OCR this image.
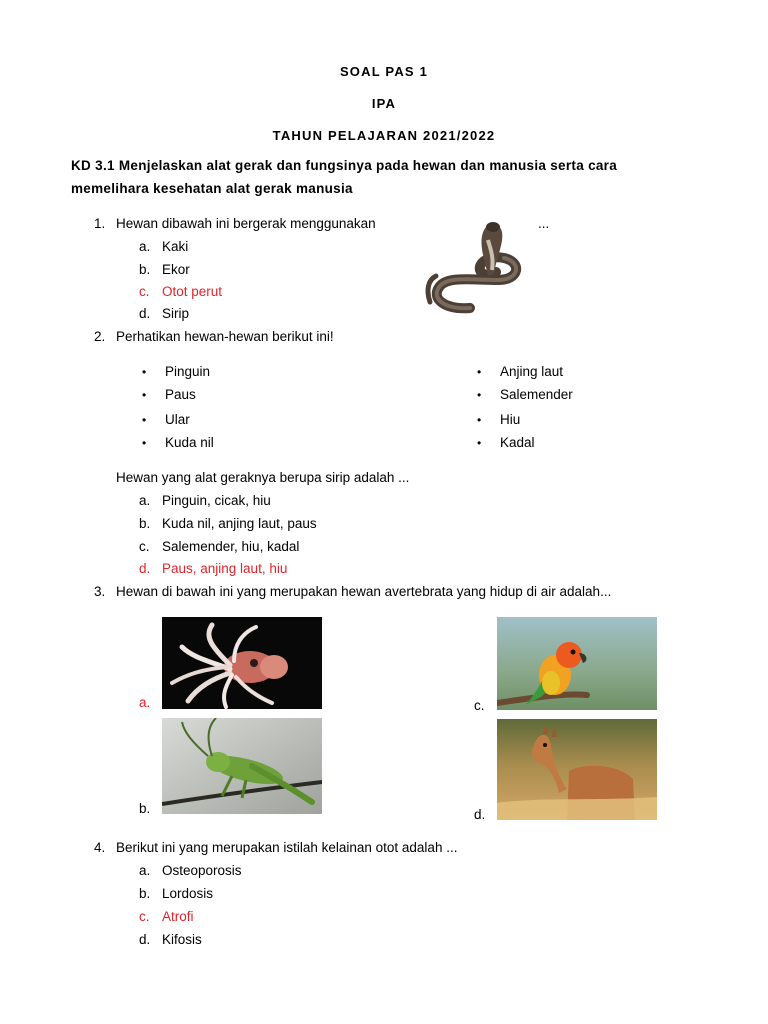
SOAL PAS 1
IPA
TAHUN PELAJARAN 2021/2022
KD 3.1 Menjelaskan alat gerak dan fungsinya pada hewan dan manusia serta cara
memelihara kesehatan alat gerak manusia
1. Hewan dibawah ini bergerak menggunakan	...
a. Kaki
b. Ekor
c. Otot perut
d. Sirip
2. Perhatikan hewan-hewan berikut ini!
• Pinguin
• Paus
• Ular
• Kuda nil
• Anjing laut
• Salemender
• Hiu
• Kadal
Hewan yang alat geraknya berupa sirip adalah ...
a. Pinguin, cicak, hiu
b. Kuda nil, anjing laut, paus
c. Salemender, hiu, kadal
d. Paus, anjing laut, hiu
3. Hewan di bawah ini yang merupakan hewan avertebrata yang hidup di air adalah...
a.
b.
c.
d.
4. Berikut ini yang merupakan istilah kelainan otot adalah ...
a. Osteoporosis
b. Lordosis
c. Atrofi
d. Kifosis
